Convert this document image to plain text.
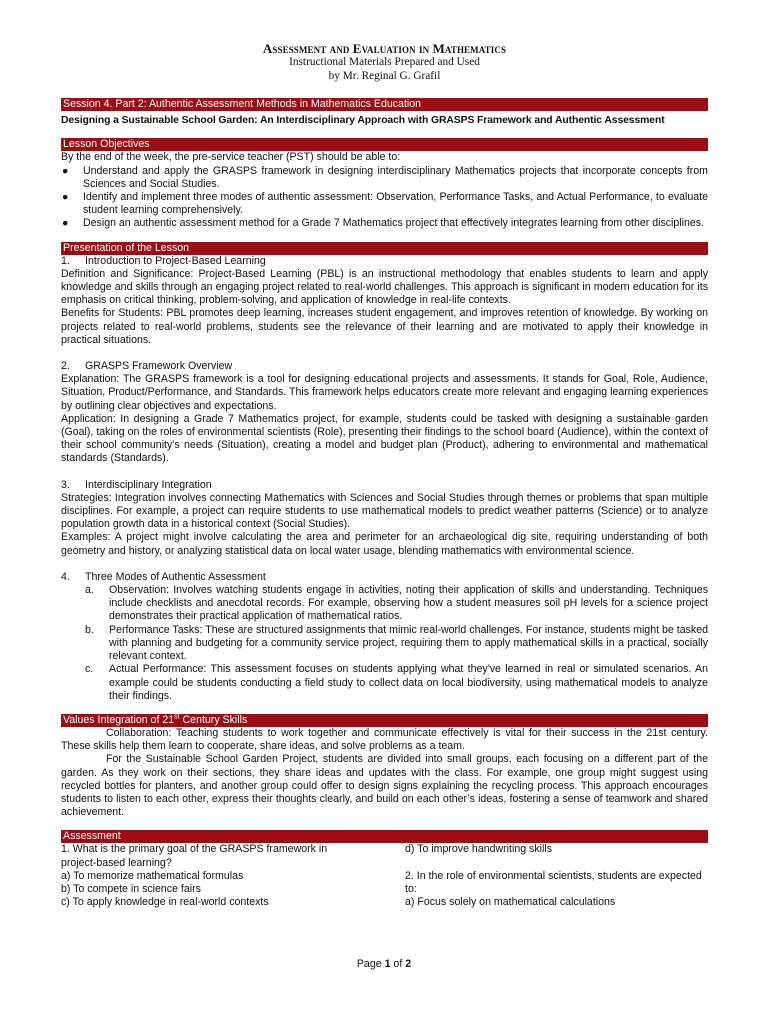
Assessment and Evaluation in Mathematics
Instructional Materials Prepared and Used
by Mr. Reginal G. Grafil
Session 4. Part 2: Authentic Assessment Methods in Mathematics Education
Designing a Sustainable School Garden: An Interdisciplinary Approach with GRASPS Framework and Authentic Assessment
Lesson Objectives

By the end of the week, the pre-service teacher (PST) should be able to:

● Understand and apply the GRASPS framework in designing interdisciplinary Mathematics projects that incorporate concepts from Sciences and Social Studies.
● Identify and implement three modes of authentic assessment: Observation, Performance Tasks, and Actual Performance, to evaluate student learning comprehensively.
● Design an authentic assessment method for a Grade 7 Mathematics project that effectively integrates learning from other disciplines.
Presentation of the Lesson
1. Introduction to Project-Based Learning

Definition and Significance: Project-Based Learning (PBL) is an instructional methodology that enables students to learn and apply knowledge and skills through an engaging project related to real-world challenges. This approach is significant in modern education for its emphasis on critical thinking, problem-solving, and application of knowledge in real-life contexts.

Benefits for Students: PBL promotes deep learning, increases student engagement, and improves retention of knowledge. By working on projects related to real-world problems, students see the relevance of their learning and are motivated to apply their knowledge in practical situations.

2. GRASPS Framework Overview

Explanation: The GRASPS framework is a tool for designing educational projects and assessments. It stands for Goal, Role, Audience, Situation, Product/Performance, and Standards. This framework helps educators create more relevant and engaging learning experiences by outlining clear objectives and expectations.

Application: In designing a Grade 7 Mathematics project, for example, students could be tasked with designing a sustainable garden (Goal), taking on the roles of environmental scientists (Role), presenting their findings to the school board (Audience), within the context of their school community's needs (Situation), creating a model and budget plan (Product), adhering to environmental and mathematical standards (Standards).

3. Interdisciplinary Integration

Strategies: Integration involves connecting Mathematics with Sciences and Social Studies through themes or problems that span multiple disciplines. For example, a project can require students to use mathematical models to predict weather patterns (Science) or to analyze population growth data in a historical context (Social Studies).

Examples: A project might involve calculating the area and perimeter for an archaeological dig site, requiring understanding of both geometry and history, or analyzing statistical data on local water usage, blending mathematics with environmental science.

4. Three Modes of Authentic Assessment
a. Observation: Involves watching students engage in activities, noting their application of skills and understanding. Techniques include checklists and anecdotal records. For example, observing how a student measures soil pH levels for a science project demonstrates their practical application of mathematical ratios.
b. Performance Tasks: These are structured assignments that mimic real-world challenges. For instance, students might be tasked with planning and budgeting for a community service project, requiring them to apply mathematical skills in a practical, socially relevant context.
c. Actual Performance: This assessment focuses on students applying what they've learned in real or simulated scenarios. An example could be students conducting a field study to collect data on local biodiversity, using mathematical models to analyze their findings.
Values Integration of 21st Century Skills

Collaboration: Teaching students to work together and communicate effectively is vital for their success in the 21st century. These skills help them learn to cooperate, share ideas, and solve problems as a team.

For the Sustainable School Garden Project, students are divided into small groups, each focusing on a different part of the garden. As they work on their sections, they share ideas and updates with the class. For example, one group might suggest using recycled bottles for planters, and another group could offer to design signs explaining the recycling process. This approach encourages students to listen to each other, express their thoughts clearly, and build on each other’s ideas, fostering a sense of teamwork and shared achievement.

Assessment
1. What is the primary goal of the GRASPS framework in project-based learning?
a) To memorize mathematical formulas
b) To compete in science fairs
c) To apply knowledge in real-world contexts
d) To improve handwriting skills
2. In the role of environmental scientists, students are expected to:
a) Focus solely on mathematical calculations
Page 1 of 2
